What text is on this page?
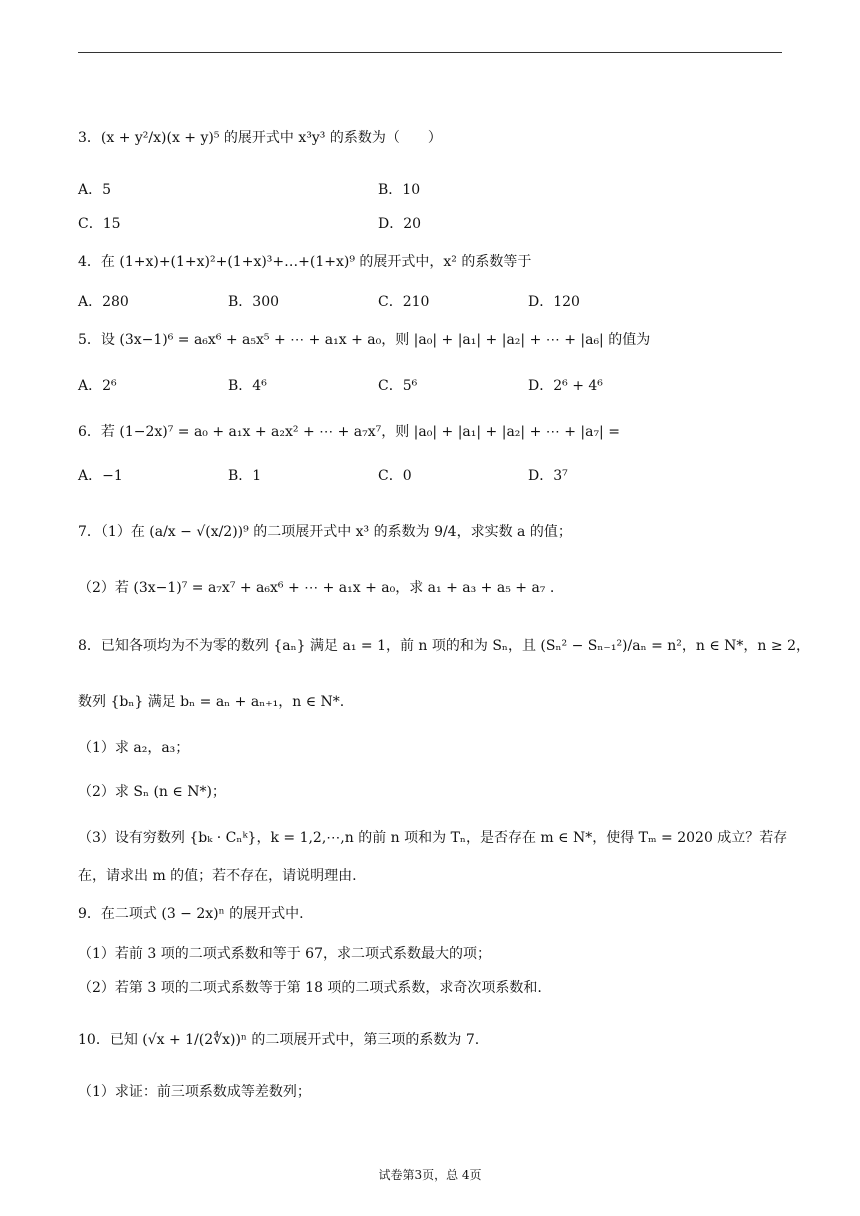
3．(x + y²/x)(x + y)⁵ 的展开式中 x³y³ 的系数为（　　）
A．5	B．10
C．15	D．20
4．在 (1+x)+(1+x)²+(1+x)³+…+(1+x)⁹ 的展开式中，x² 的系数等于
A．280	B．300	C．210	D．120
5．设 (3x−1)⁶ = a₆x⁶ + a₅x⁵ + ⋯ + a₁x + a₀，则 |a₀| + |a₁| + |a₂| + ⋯ + |a₆| 的值为
A．2⁶	B．4⁶	C．5⁶	D．2⁶ + 4⁶
6．若 (1−2x)⁷ = a₀ + a₁x + a₂x² + ⋯ + a₇x⁷，则 |a₀| + |a₁| + |a₂| + ⋯ + |a₇| =
A．−1	B．1	C．0	D．3⁷
7．（1）在 (a/x − √(x/2))⁹ 的二项展开式中 x³ 的系数为 9/4，求实数 a 的值；
（2）若 (3x−1)⁷ = a₇x⁷ + a₆x⁶ + ⋯ + a₁x + a₀，求 a₁ + a₃ + a₅ + a₇ .
8．已知各项均为不为零的数列 {aₙ} 满足 a₁ = 1，前 n 项的和为 Sₙ，且 (Sₙ² − Sₙ₋₁²)/aₙ = n²，n ∈ N*，n ≥ 2，
数列 {bₙ} 满足 bₙ = aₙ + aₙ₊₁，n ∈ N*.
（1）求 a₂，a₃；
（2）求 Sₙ (n ∈ N*)；
（3）设有穷数列 {bₖ · Cₙᵏ}，k = 1,2,⋯,n 的前 n 项和为 Tₙ，是否存在 m ∈ N*，使得 Tₘ = 2020 成立？若存
在，请求出 m 的值；若不存在，请说明理由.
9．在二项式 (3 − 2x)ⁿ 的展开式中.
（1）若前 3 项的二项式系数和等于 67，求二项式系数最大的项；
（2）若第 3 项的二项式系数等于第 18 项的二项式系数，求奇次项系数和.
10．已知 (√x + 1/(2∜x))ⁿ 的二项展开式中，第三项的系数为 7.
（1）求证：前三项系数成等差数列；
试卷第3页，总 4页
